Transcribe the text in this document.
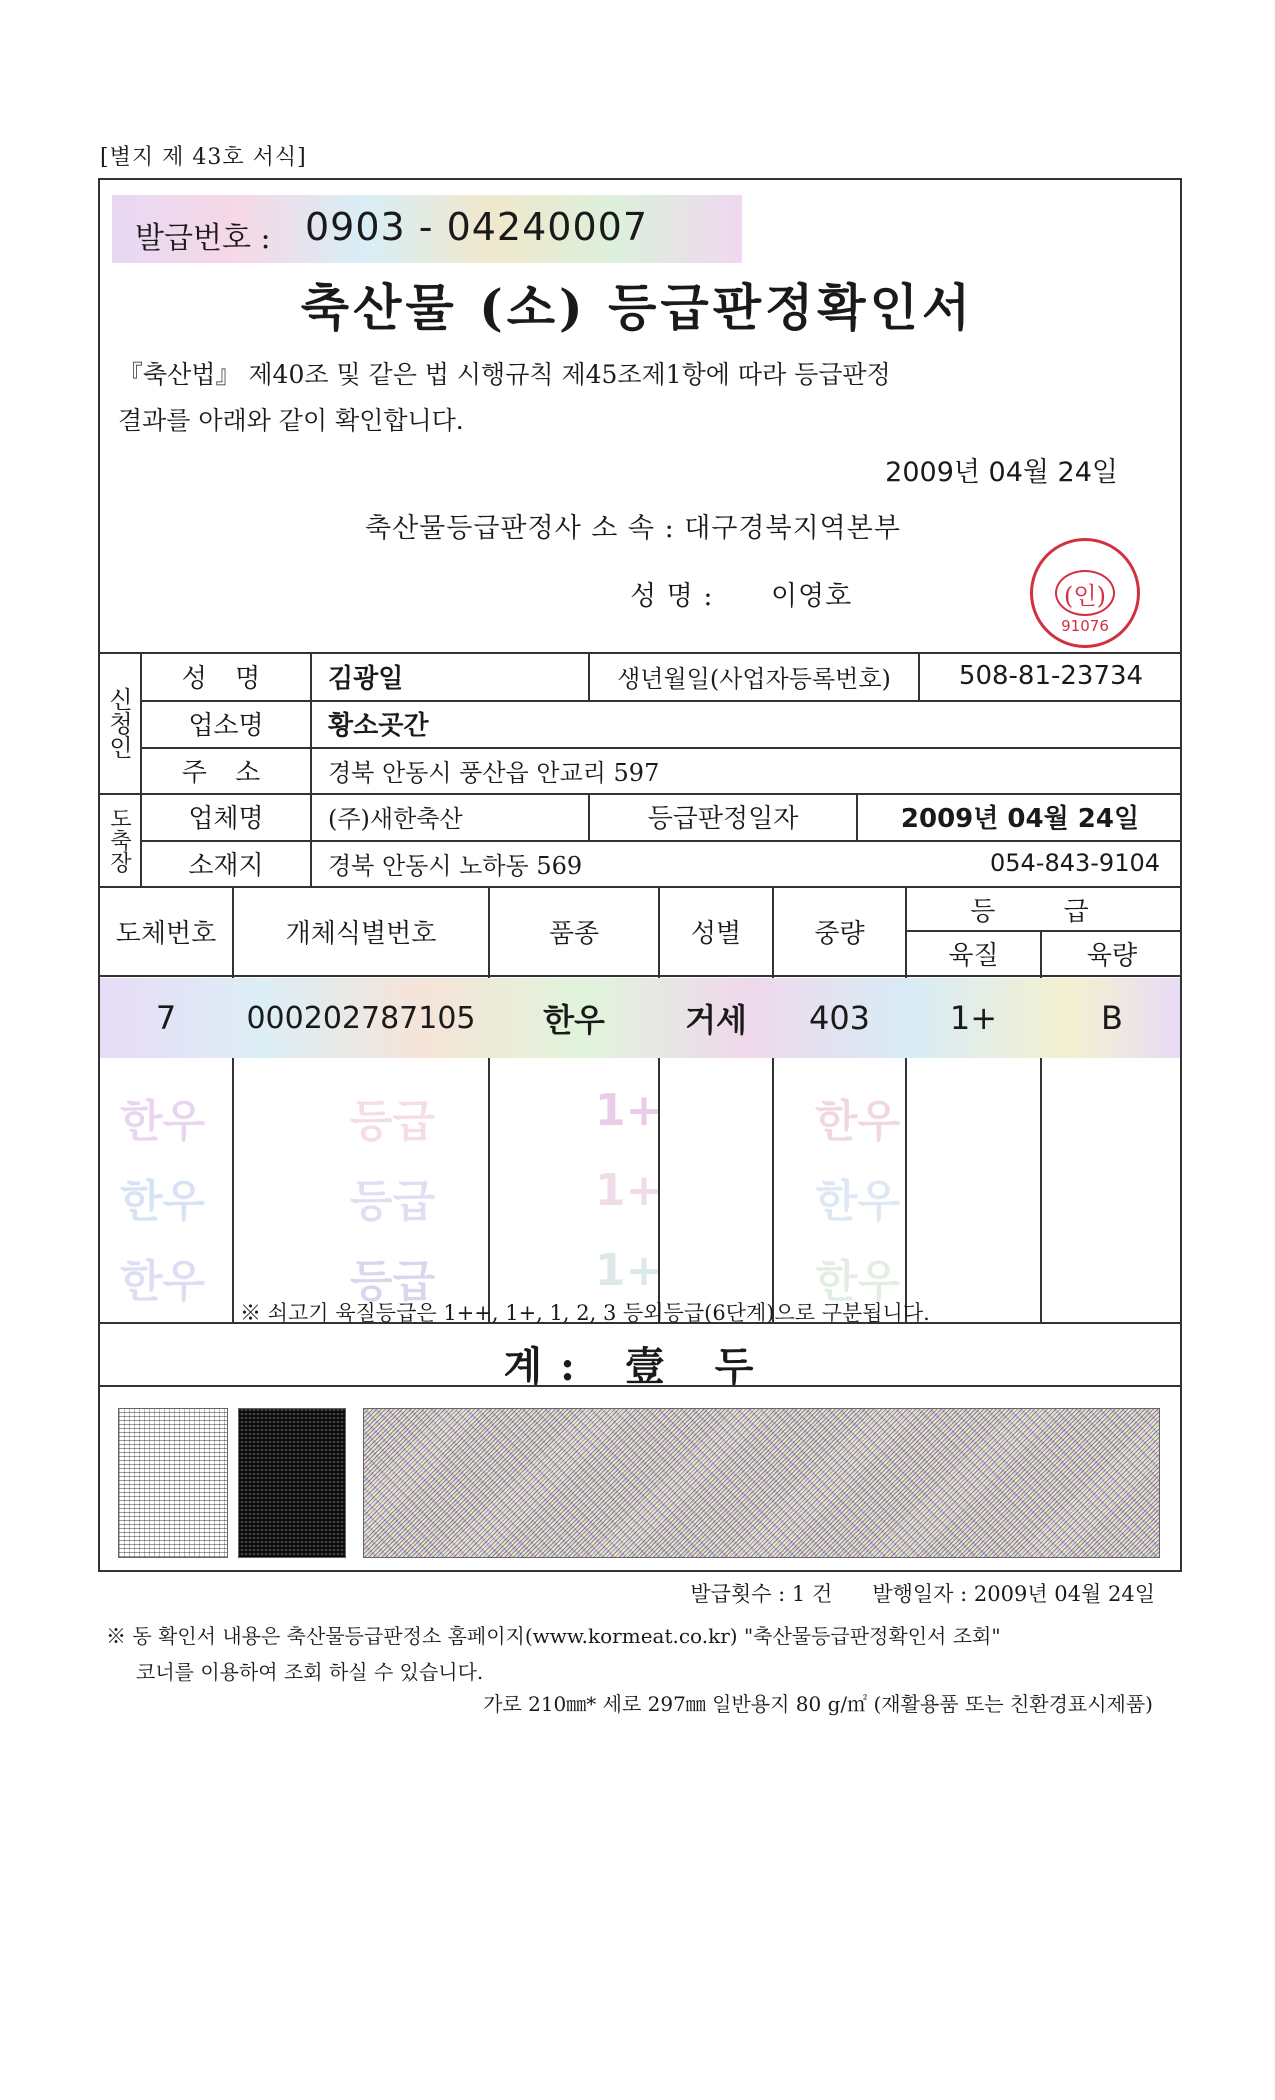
[별지 제 43호 서식]
발급번호 : 0903 - 04240007
축산물 (소) 등급판정확인서
『축산법』 제40조 및 같은 법 시행규칙 제45조제1항에 따라 등급판정
결과를 아래와 같이 확인합니다.
2009년 04월 24일
축산물등급판정사 소 속 : 대구경북지역본부
성 명 : 이영호	(인)
91076
신청인
성 명	김광일	생년월일(사업자등록번호)	508-81-23734
업소명	황소곳간
주 소	경북 안동시 풍산읍 안교리 597
도축장	업체명	(주)새한축산	등급판정일자	2009년 04월 24일
소재지	경북 안동시 노하동 569	054-843-9104
도체번호	개체식별번호	품종	성별	중량
등 급
육질	육량
7	000202787105	한우	거세	403	1+	B
한우	등급	1+	한우
한우	등급	1+	한우
한우	등급	1+	한우
※ 쇠고기 육질등급은 1++, 1+, 1, 2, 3 등외등급(6단계)으로 구분됩니다.
계: 壹 두
발급횟수 : 1 건 발행일자 : 2009년 04월 24일
※ 동 확인서 내용은 축산물등급판정소 홈페이지(www.kormeat.co.kr) "축산물등급판정확인서 조회"
코너를 이용하여 조회 하실 수 있습니다.
가로 210㎜* 세로 297㎜ 일반용지 80 g/㎡ (재활용품 또는 친환경표시제품)
